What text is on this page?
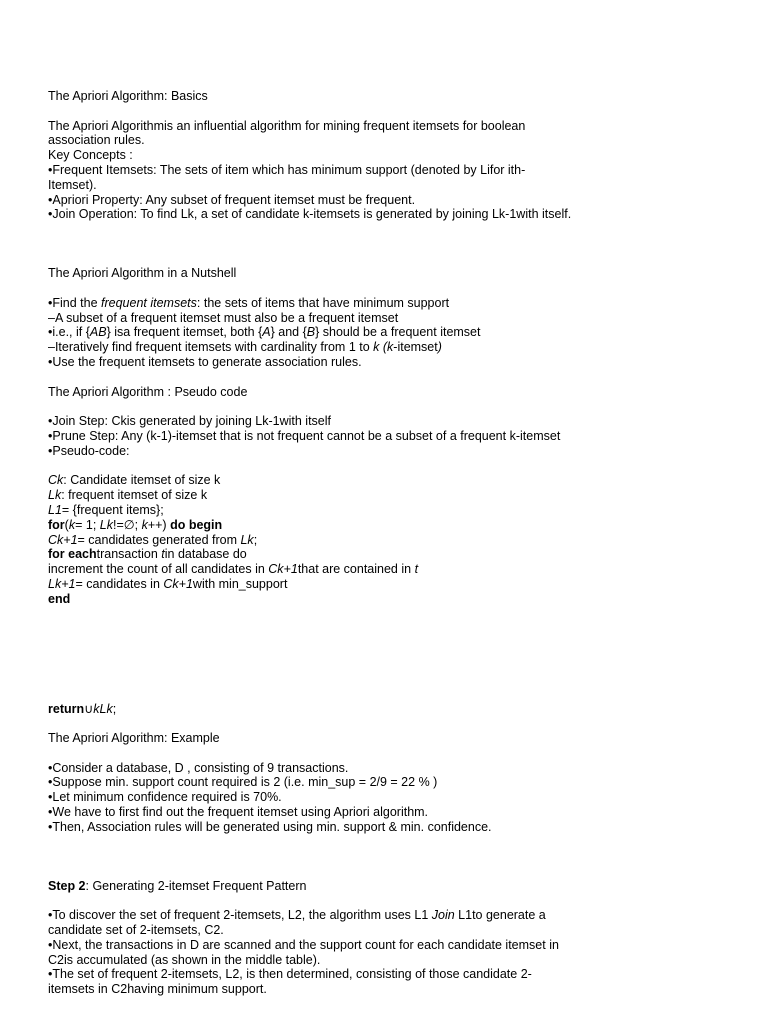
The Apriori Algorithm: Basics
The Apriori Algorithmis an influential algorithm for mining frequent itemsets for boolean association rules.
Key Concepts :
•Frequent Itemsets: The sets of item which has minimum support (denoted by Lifor ith-Itemset).
•Apriori Property: Any subset of frequent itemset must be frequent.
•Join Operation: To find Lk, a set of candidate k-itemsets is generated by joining Lk-1with itself.
The Apriori Algorithm in a Nutshell
•Find the frequent itemsets: the sets of items that have minimum support
–A subset of a frequent itemset must also be a frequent itemset
•i.e., if {AB} isa frequent itemset, both {A} and {B} should be a frequent itemset
–Iteratively find frequent itemsets with cardinality from 1 to k (k-itemset)
•Use the frequent itemsets to generate association rules.
The Apriori Algorithm : Pseudo code
•Join Step: Ckis generated by joining Lk-1with itself
•Prune Step: Any (k-1)-itemset that is not frequent cannot be a subset of a frequent k-itemset
•Pseudo-code:
Ck: Candidate itemset of size k
Lk: frequent itemset of size k
L1= {frequent items};
for(k= 1; Lk!=∅; k++) do begin
Ck+1= candidates generated from Lk;
for eachtransaction tin database do
increment the count of all candidates in Ck+1that are contained in t
Lk+1= candidates in Ck+1with min_support
end
return∪kLk;
The Apriori Algorithm: Example
•Consider a database, D , consisting of 9 transactions.
•Suppose min. support count required is 2 (i.e. min_sup = 2/9 = 22 % )
•Let minimum confidence required is 70%.
•We have to first find out the frequent itemset using Apriori algorithm.
•Then, Association rules will be generated using min. support & min. confidence.
Step 2: Generating 2-itemset Frequent Pattern
•To discover the set of frequent 2-itemsets, L2, the algorithm uses L1 Join L1to generate a candidate set of 2-itemsets, C2.
•Next, the transactions in D are scanned and the support count for each candidate itemset in C2is accumulated (as shown in the middle table).
•The set of frequent 2-itemsets, L2, is then determined, consisting of those candidate 2-itemsets in C2having minimum support.
